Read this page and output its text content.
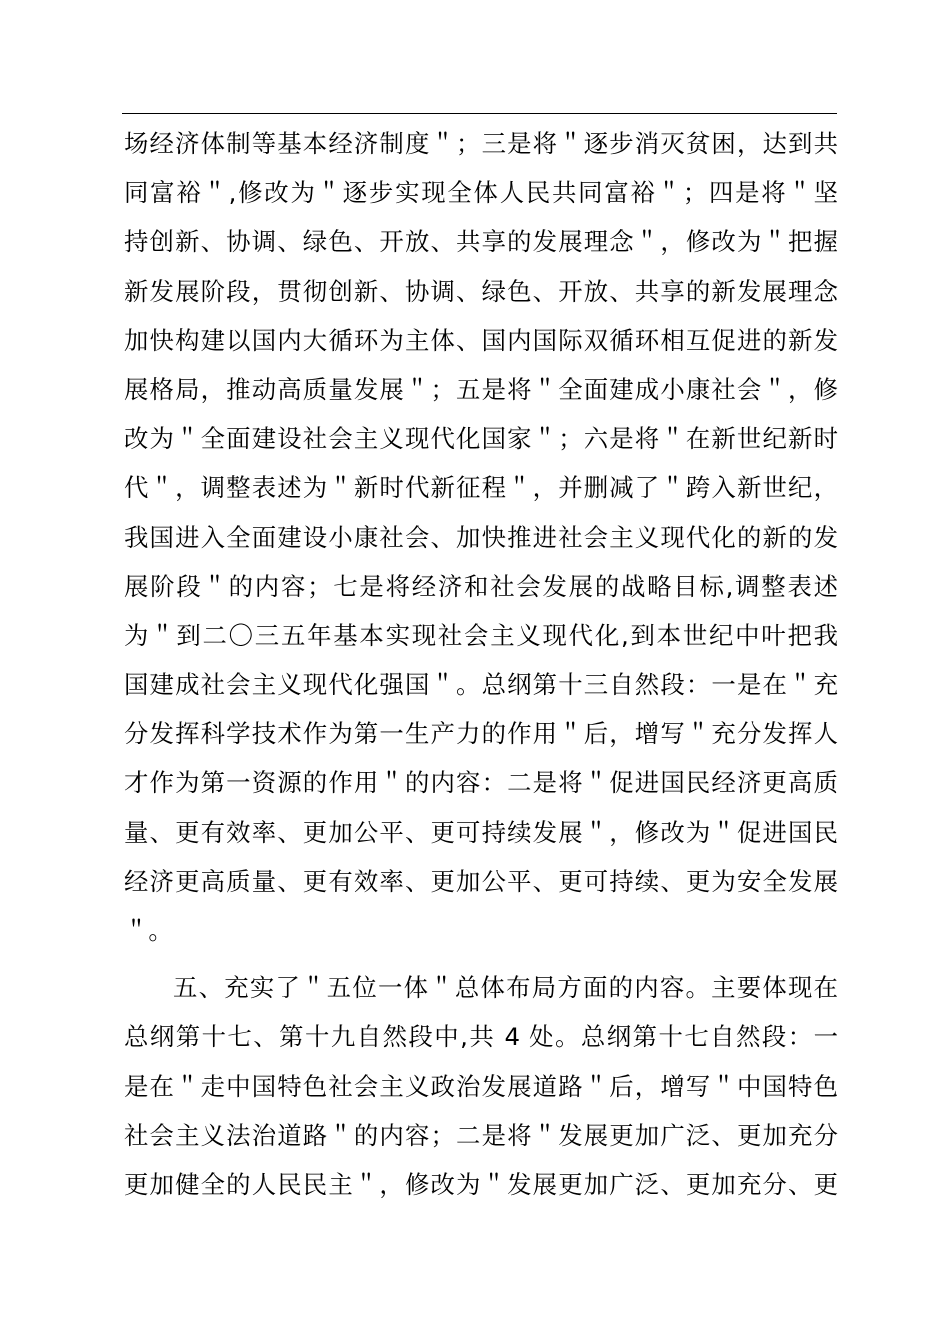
场经济体制等基本经济制度＂；三是将＂逐步消灭贫困，达到共
同富裕＂,修改为＂逐步实现全体人民共同富裕＂；四是将＂坚
持创新、协调、绿色、开放、共享的发展理念＂，修改为＂把握
新发展阶段，贯彻创新、协调、绿色、开放、共享的新发展理念
加快构建以国内大循环为主体、国内国际双循环相互促进的新发
展格局，推动高质量发展＂；五是将＂全面建成小康社会＂，修
改为＂全面建设社会主义现代化国家＂；六是将＂在新世纪新时
代＂，调整表述为＂新时代新征程＂，并删减了＂跨入新世纪，
我国进入全面建设小康社会、加快推进社会主义现代化的新的发
展阶段＂的内容；七是将经济和社会发展的战略目标,调整表述
为＂到二〇三五年基本实现社会主义现代化,到本世纪中叶把我
国建成社会主义现代化强国＂。总纲第十三自然段：一是在＂充
分发挥科学技术作为第一生产力的作用＂后，增写＂充分发挥人
才作为第一资源的作用＂的内容：二是将＂促进国民经济更高质
量、更有效率、更加公平、更可持续发展＂，修改为＂促进国民
经济更高质量、更有效率、更加公平、更可持续、更为安全发展
＂。
五、充实了＂五位一体＂总体布局方面的内容。主要体现在
总纲第十七、第十九自然段中,共 4 处。总纲第十七自然段：一
是在＂走中国特色社会主义政治发展道路＂后，增写＂中国特色
社会主义法治道路＂的内容；二是将＂发展更加广泛、更加充分
更加健全的人民民主＂，修改为＂发展更加广泛、更加充分、更
